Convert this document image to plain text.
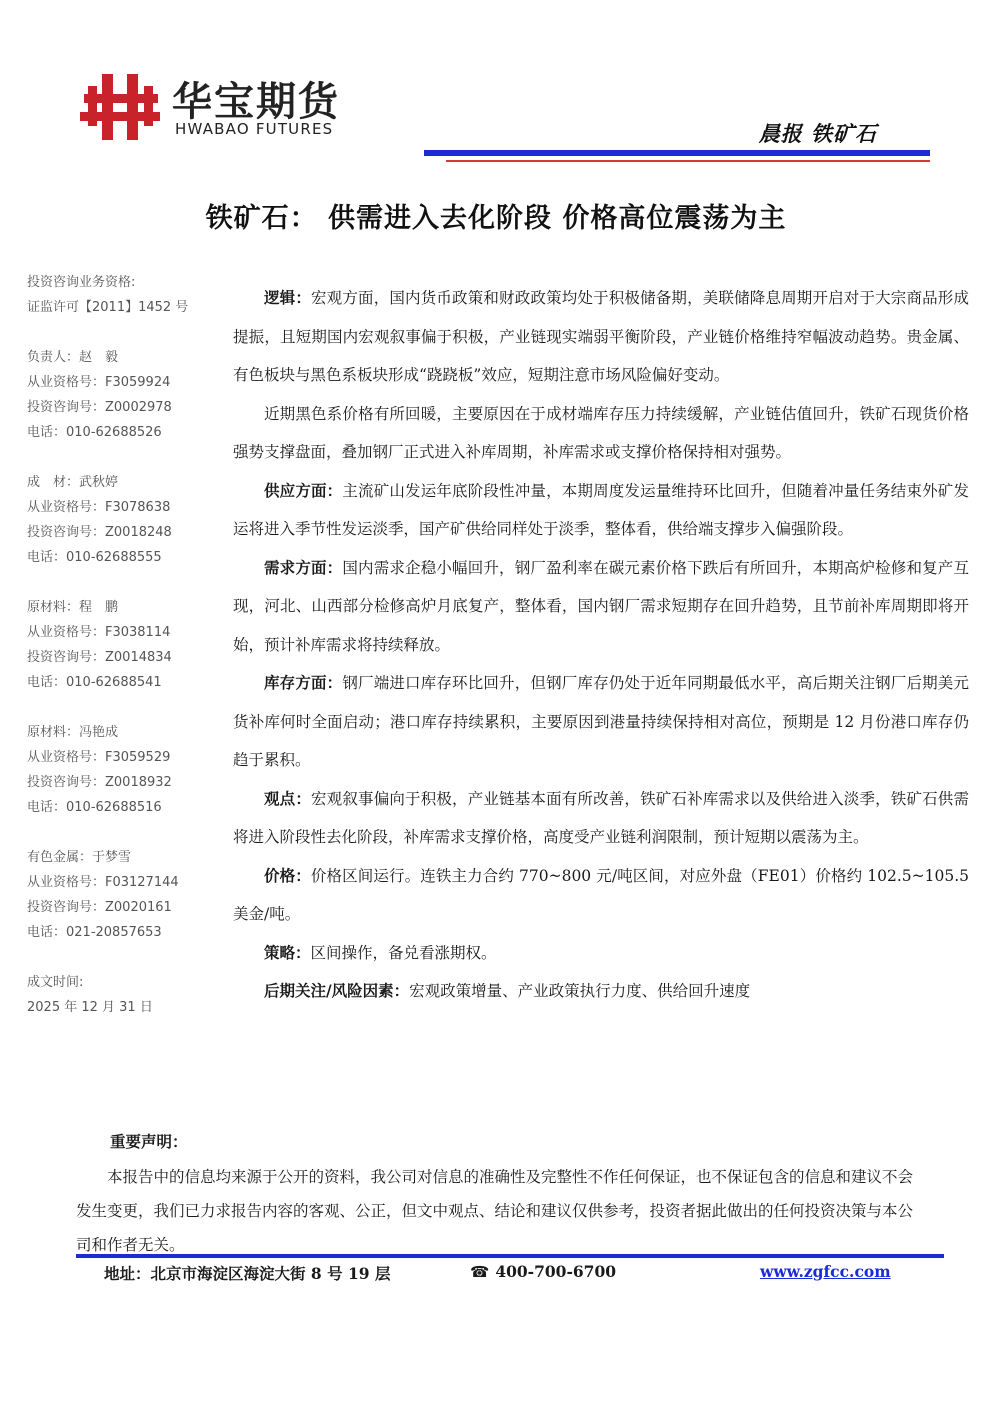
华宝期货
HWABAO FUTURES	晨报 铁矿石
铁矿石： 供需进入去化阶段 价格高位震荡为主
投资咨询业务资格:
证监许可【2011】1452 号
负责人：赵　毅
从业资格号：F3059924
投资咨询号：Z0002978
电话：010-62688526
成　材：武秋婷
从业资格号：F3078638
投资咨询号：Z0018248
电话：010-62688555
原材料：程　鹏
从业资格号：F3038114
投资咨询号：Z0014834
电话：010-62688541
原材料：冯艳成
从业资格号：F3059529
投资咨询号：Z0018932
电话：010-62688516
有色金属：于梦雪
从业资格号：F03127144
投资咨询号：Z0020161
电话：021-20857653
成文时间:
2025 年 12 月 31 日

逻辑：宏观方面，国内货币政策和财政政策均处于积极储备期，美联储降息周期开启对于大宗商品形成提振，且短期国内宏观叙事偏于积极，产业链现实端弱平衡阶段，产业链价格维持窄幅波动趋势。贵金属、有色板块与黑色系板块形成“跷跷板”效应，短期注意市场风险偏好变动。

近期黑色系价格有所回暖，主要原因在于成材端库存压力持续缓解，产业链估值回升，铁矿石现货价格强势支撑盘面，叠加钢厂正式进入补库周期，补库需求或支撑价格保持相对强势。

供应方面：主流矿山发运年底阶段性冲量，本期周度发运量维持环比回升，但随着冲量任务结束外矿发运将进入季节性发运淡季，国产矿供给同样处于淡季，整体看，供给端支撑步入偏强阶段。

需求方面：国内需求企稳小幅回升，钢厂盈利率在碳元素价格下跌后有所回升，本期高炉检修和复产互现，河北、山西部分检修高炉月底复产，整体看，国内钢厂需求短期存在回升趋势，且节前补库周期即将开始，预计补库需求将持续释放。

库存方面：钢厂端进口库存环比回升，但钢厂库存仍处于近年同期最低水平，高后期关注钢厂后期美元货补库何时全面启动；港口库存持续累积，主要原因到港量持续保持相对高位，预期是 12 月份港口库存仍趋于累积。

观点：宏观叙事偏向于积极，产业链基本面有所改善，铁矿石补库需求以及供给进入淡季，铁矿石供需将进入阶段性去化阶段，补库需求支撑价格，高度受产业链利润限制，预计短期以震荡为主。

价格：价格区间运行。连铁主力合约 770~800 元/吨区间，对应外盘（FE01）价格约 102.5~105.5 美金/吨。

策略：区间操作，备兑看涨期权。

后期关注/风险因素：宏观政策增量、产业政策执行力度、供给回升速度

重要声明：
本报告中的信息均来源于公开的资料，我公司对信息的准确性及完整性不作任何保证，也不保证包含的信息和建议不会发生变更，我们已力求报告内容的客观、公正，但文中观点、结论和建议仅供参考，投资者据此做出的任何投资决策与本公司和作者无关。
地址：北京市海淀区海淀大街 8 号 19 层	☎ 400-700-6700	www.zgfcc.com
